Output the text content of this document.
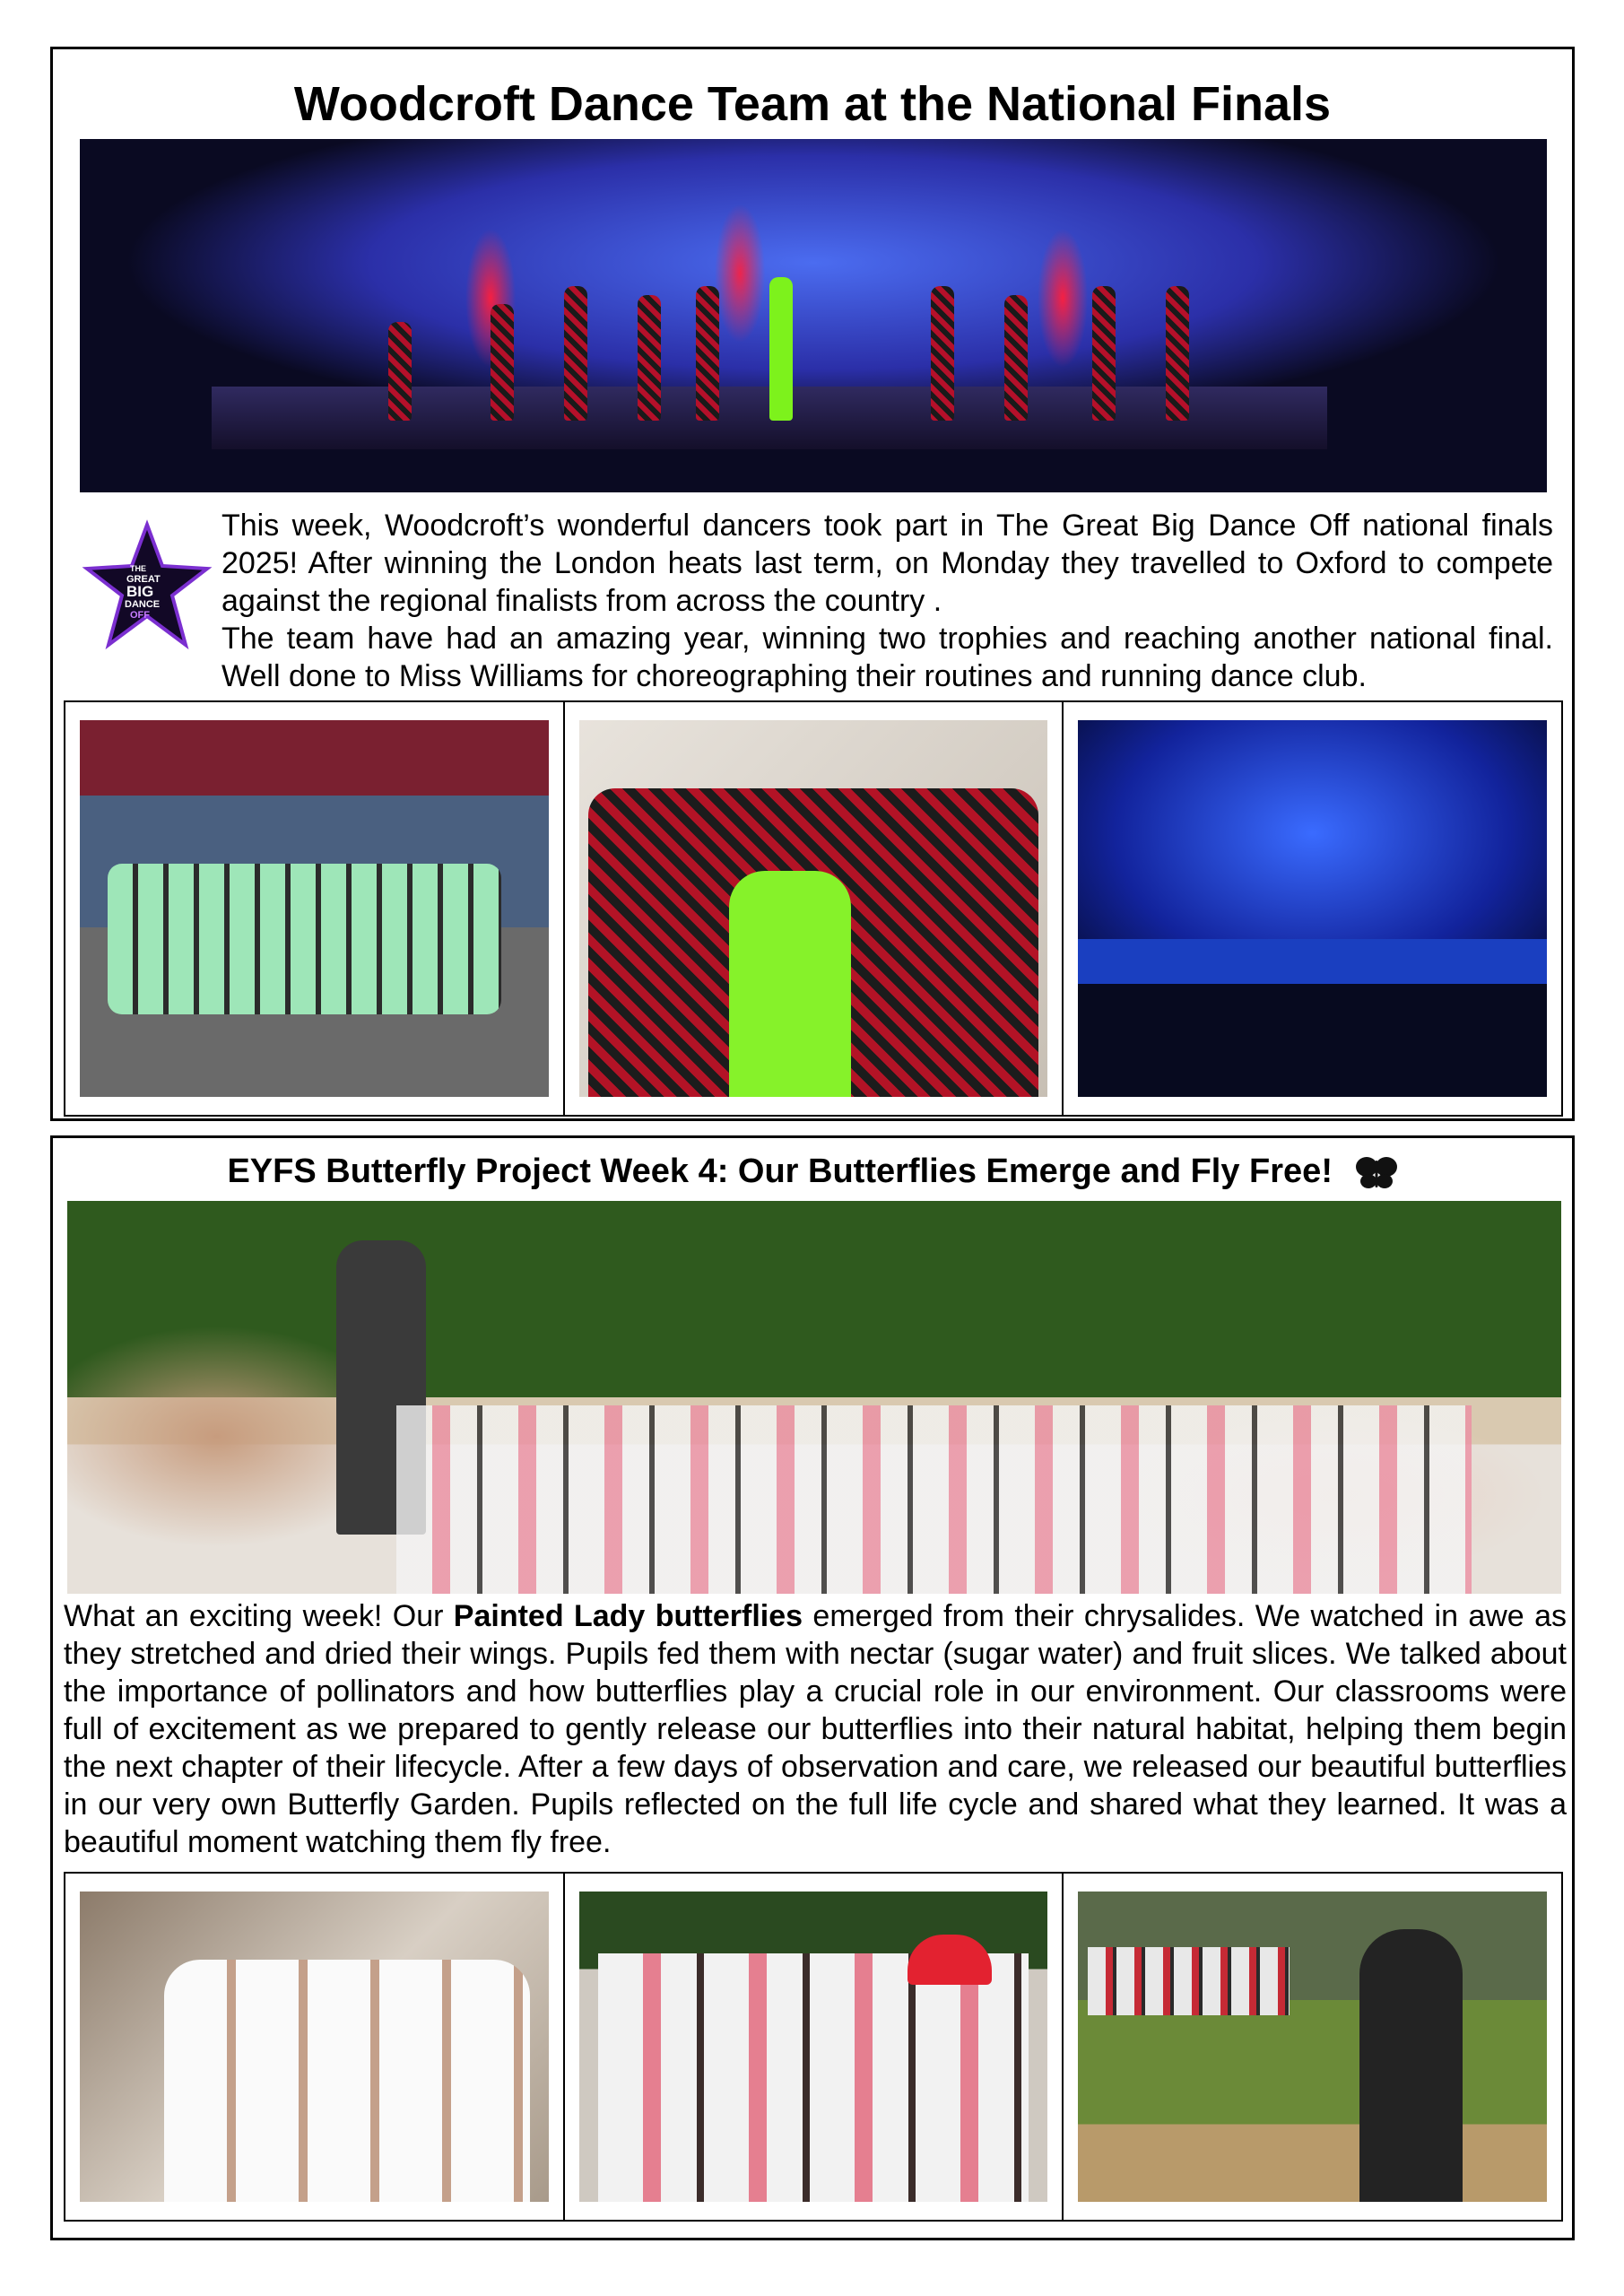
Woodcroft Dance Team at the National Finals
THE
GREAT
BIG
DANCE
OFF

This week, Woodcroft’s wonderful dancers took part in The Great Big Dance Off national finals 2025! After winning the London heats last term, on Monday they travelled to Oxford to compete against the regional finalists from across the country .

The team have had an amazing year, winning two trophies and reaching another national final. Well done to Miss Williams for choreographing their routines and running dance club.

EYFS Butterfly Project Week 4: Our Butterflies Emerge and Fly Free!

What an exciting week! Our Painted Lady butterflies emerged from their chrysalides. We watched in awe as they stretched and dried their wings. Pupils fed them with nectar (sugar water) and fruit slices. We talked about the importance of pollinators and how butterflies play a crucial role in our environment. Our classrooms were full of excitement as we prepared to gently release our butterflies into their natural habitat, helping them begin the next chapter of their lifecycle. After a few days of observation and care, we released our beautiful butterflies in our very own Butterfly Garden. Pupils reflected on the full life cycle and shared what they learned. It was a beautiful moment watching them fly free.
